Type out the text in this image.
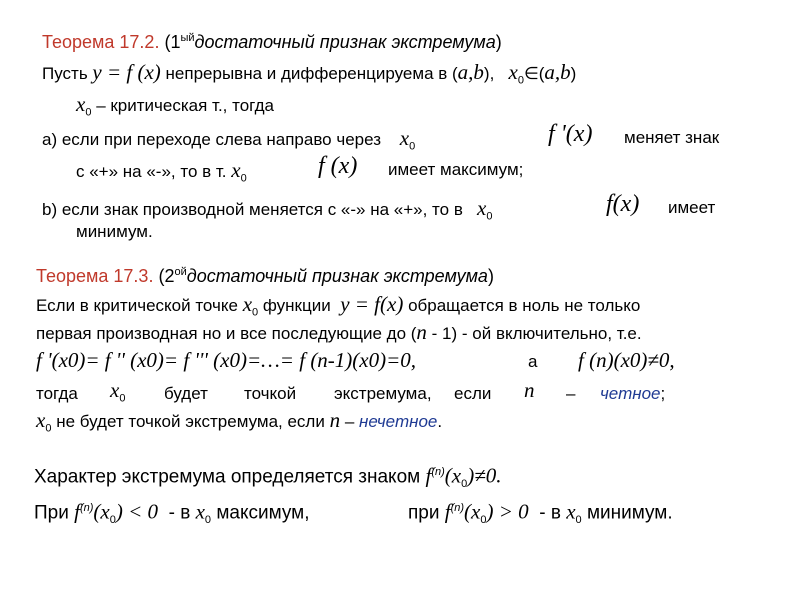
Теорема 17.2. ($1^{ый}достаточный$ признак экстремума)
Пусть y = f (x) непрерывна и дифференцируема в (a,b), $x_0\in(a,b)$
$x_0$ – критическая т., тогда
а) если при переходе слева направо через $x_0$	f '(x) меняет знак
с «+» на «-», то в т. $x_0$	f (x) имеет максимум;
b) если знак производной меняется с «-» на «+», то в $x_0$	f(x) имеет
минимум.
Теорема 17.3. ($2^{ой}достаточный$ признак экстремума)
Если в критической точке $x_0$ функции y = f(x) обращается в ноль не только
первая производная но и все последующие до (n - 1) - ой включительно, т.е.
f '(x0)= f '' (x0)= f ''' (x0)=…= f (n-1)(x0)=0,	а f (n)(x0)≠0,
тогда $x_0$ будет точкой экстремума, если n – четное;
$x_0$ не будет точкой экстремума, если n – нечетное.
Характер экстремума определяется знаком $f^{(n)}(x_0)\ne 0$.
При $f^{(n)}(x_0) < 0 - в$ $x_0$ максимум,	при $f^{(n)}(x_0) > 0 - в$ $x_0$ минимум.
